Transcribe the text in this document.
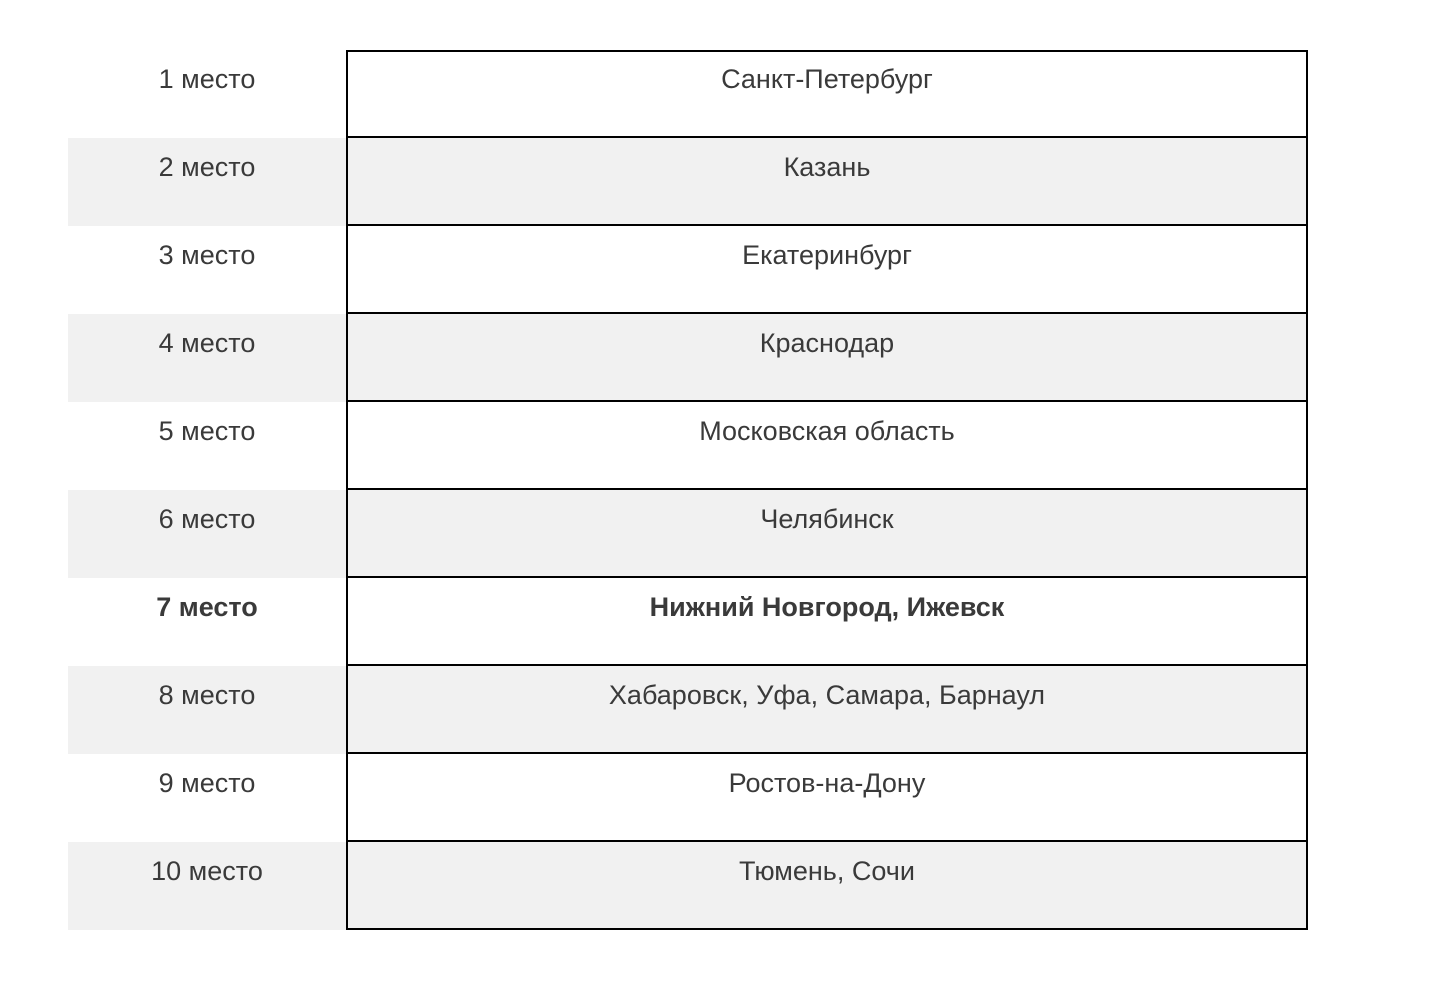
1 место	Санкт-Петербург
2 место	Казань
3 место	Екатеринбург
4 место	Краснодар
5 место	Московская область
6 место	Челябинск
7 место	Нижний Новгород, Ижевск
8 место	Хабаровск, Уфа, Самара, Барнаул
9 место	Ростов-на-Дону
10 место	Тюмень, Сочи
